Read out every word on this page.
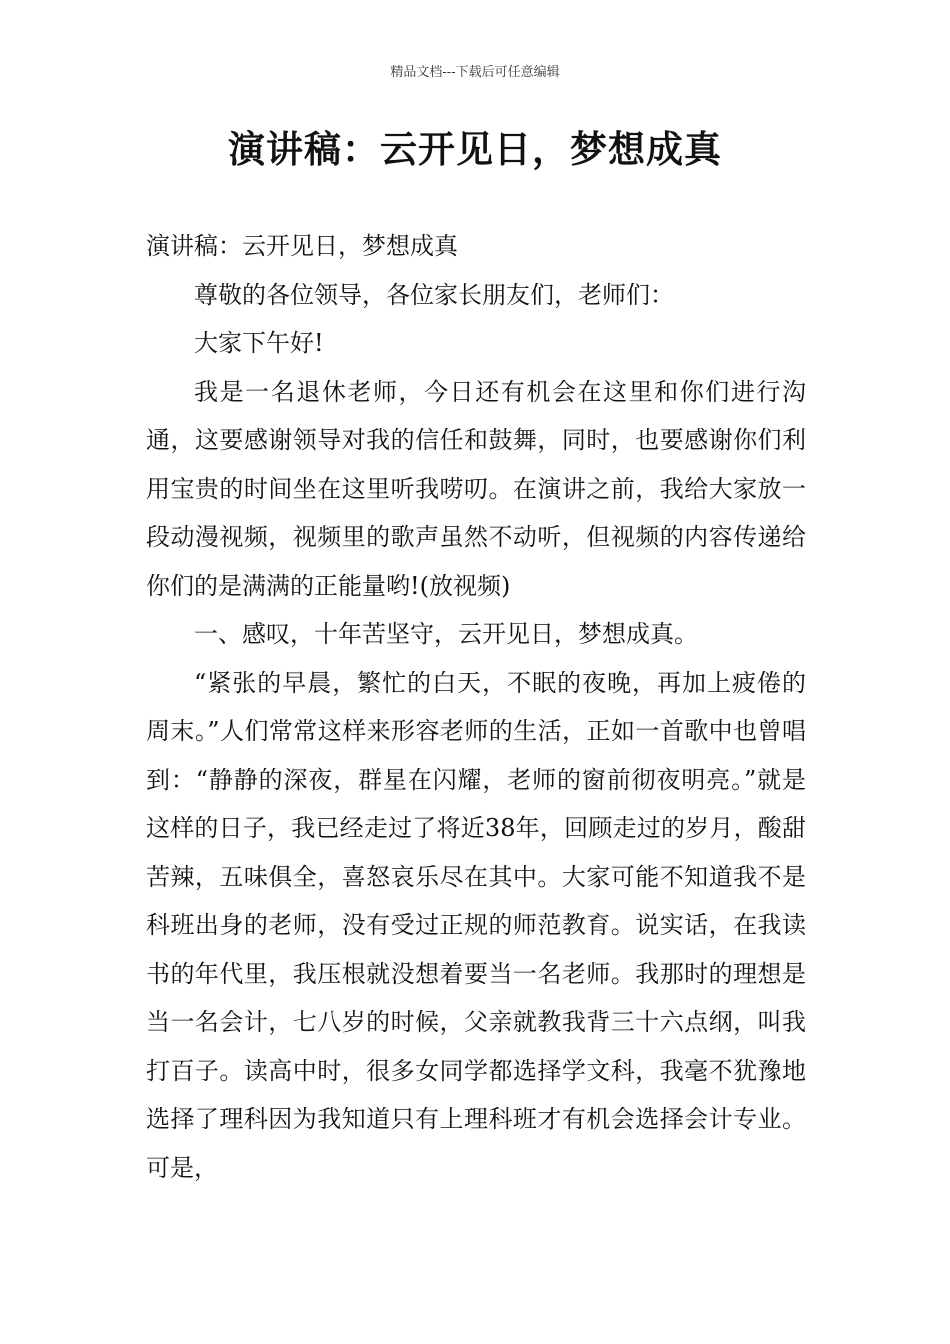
精品文档---下载后可任意编辑
演讲稿：云开见日，梦想成真

演讲稿：云开见日，梦想成真

尊敬的各位领导，各位家长朋友们，老师们：

大家下午好!

我是一名退休老师，今日还有机会在这里和你们进行沟通，这要感谢领导对我的信任和鼓舞，同时，也要感谢你们利用宝贵的时间坐在这里听我唠叨。在演讲之前，我给大家放一段动漫视频，视频里的歌声虽然不动听，但视频的内容传递给你们的是满满的正能量哟!(放视频)

一、感叹，十年苦坚守，云开见日，梦想成真。

“紧张的早晨，繁忙的白天，不眠的夜晚，再加上疲倦的周末。”人们常常这样来形容老师的生活，正如一首歌中也曾唱到：“静静的深夜，群星在闪耀，老师的窗前彻夜明亮。”就是这样的日子，我已经走过了将近38年，回顾走过的岁月，酸甜苦辣，五味俱全，喜怒哀乐尽在其中。大家可能不知道我不是科班出身的老师，没有受过正规的师范教育。说实话，在我读书的年代里，我压根就没想着要当一名老师。我那时的理想是当一名会计，七八岁的时候，父亲就教我背三十六点纲，叫我打百子。读高中时，很多女同学都选择学文科，我毫不犹豫地选择了理科因为我知道只有上理科班才有机会选择会计专业。可是，
